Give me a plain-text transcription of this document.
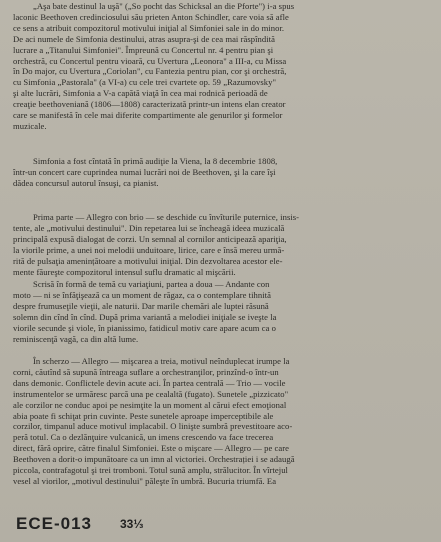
„Aşa bate destinul la uşă" („So pocht das Schicksal an die Pforte") i-a spus
laconic Beethoven credinciosului său prieten Anton Schindler, care voia să afle
ce sens a atribuit compozitorul motivului iniţial al Simfoniei sale in do minor.
De aci numele de Simfonia destinului, atras asupra-şi de cea mai răspîndită
lucrare a „Titanului Simfoniei". Împreună cu Concertul nr. 4 pentru pian şi
orchestră, cu Concertul pentru vioară, cu Uvertura „Leonora" a III-a, cu Missa
în Do major, cu Uvertura „Coriolan", cu Fantezia pentru pian, cor şi orchestră,
cu Simfonia „Pastorala" (a VI-a) cu cele trei cvartete op. 59 „Razumovsky"
şi alte lucrări, Simfonia a V-a capătă viaţă în cea mai rodnică perioadă de
creaţie beethoveniană (1806—1808) caracterizată printr-un intens elan creator
care se manifestă în cele mai diferite compartimente ale genurilor şi formelor
muzicale.
Simfonia a fost cîntată în primă audiţie la Viena, la 8 decembrie 1808,
într-un concert care cuprindea numai lucrări noi de Beethoven, şi la care îşi
dădea concursul autorul însuşi, ca pianist.
Prima parte — Allegro con brio — se deschide cu învîturile puternice, insis-
tente, ale „motivului destinului". Din repetarea lui se încheagă ideea muzicală
principală expusă dialogat de corzi. Un semnal al cornilor anticipează apariţia,
la viorile prime, a unei noi melodii unduitoare, lirice, care e însă mereu urmă-
rită de pulsaţia amenințătoare a motivului iniţial. Din dezvoltarea acestor ele-
mente făureşte compozitorul intensul suflu dramatic al mişcării.
Scrisă în formă de temă cu variaţiuni, partea a doua — Andante con
moto — ni se înfăţişează ca un moment de răgaz, ca o contemplare tihnită
despre frumuseţile vieţii, ale naturii. Dar marile chemări ale luptei răsună
solemn din cînd în cînd. După prima variantă a melodiei iniţiale se iveşte la
viorile secunde şi viole, în pianissimo, fatidicul motiv care apare acum ca o
reminiscenţă vagă, ca din altă lume.
În scherzo — Allegro — mişcarea a treia, motivul neînduplecat irumpe la
corni, căutînd să supună întreaga suflare a orchestranţilor, prinzînd-o într-un
dans demonic. Conflictele devin acute aci. În partea centrală — Trio — vocile
instrumentelor se urmăresc parcă una pe cealaltă (fugato). Sunetele „pizzicato"
ale corzilor ne conduc apoi pe nesimţite la un moment al cărui efect emoţional
abia poate fi schiţat prin cuvinte. Peste sunetele aproape imperceptibile ale
corzilor, timpanul aduce motivul implacabil. O linişte sumbră prevestitoare aco-
peră totul. Ca o dezlănţuire vulcanică, un imens crescendo va face trecerea
direct, fără oprire, către finalul Simfoniei. Este o mişcare — Allegro — pe care
Beethoven a dorit-o impunătoare ca un imn al victoriei. Orchestrației i se adaugă
piccola, contrafagotul şi trei tromboni. Totul sună amplu, strălucitor. În vîrtejul
vesel al viorilor, „motivul destinului" păleşte în umbră. Bucuria triumfă. Ea
ECE-013 33⅓
